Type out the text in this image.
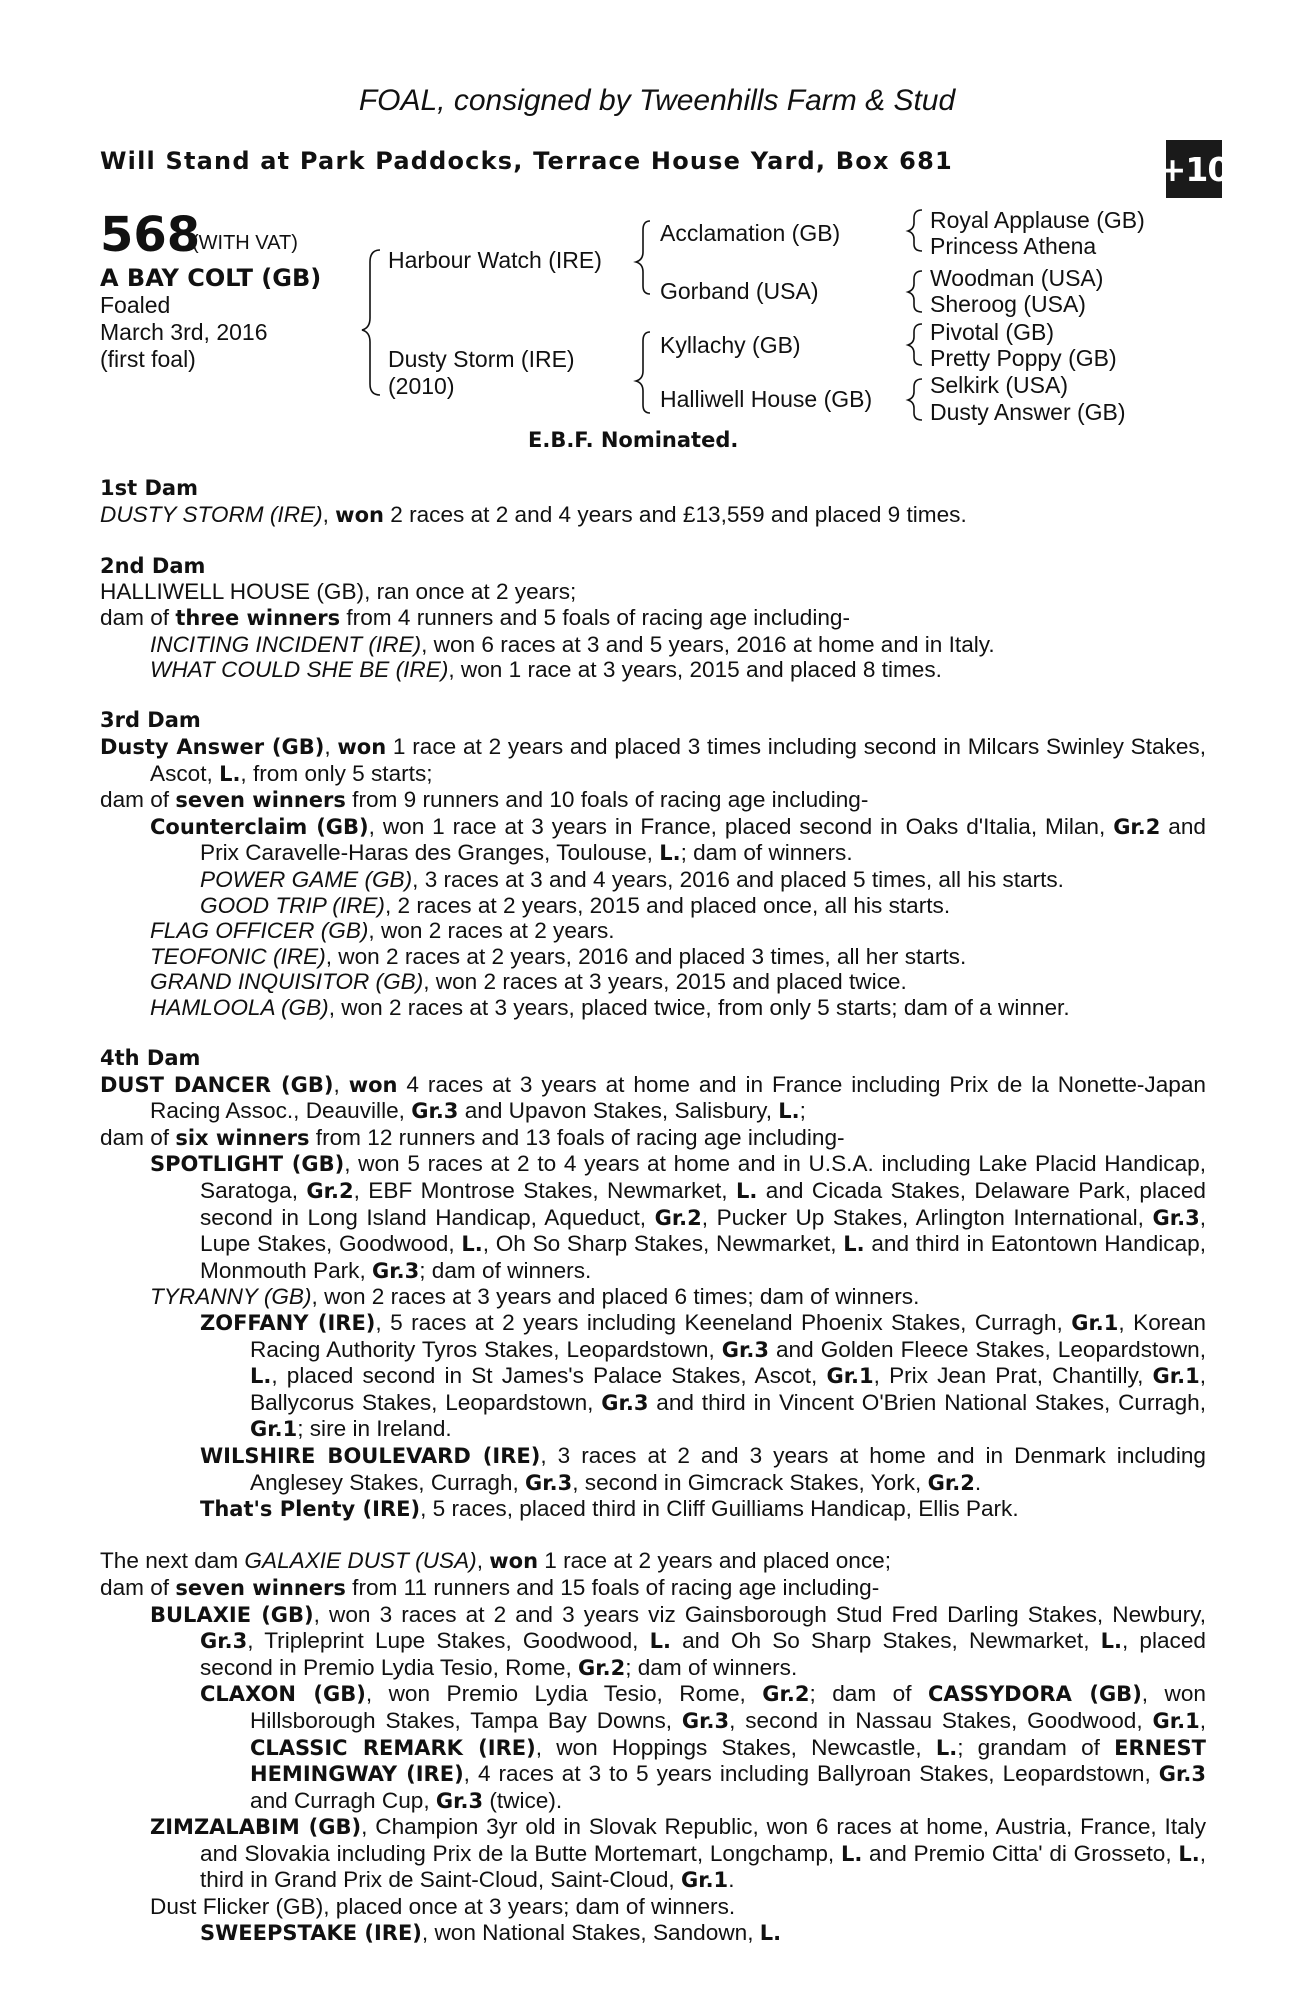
FOAL, consigned by Tweenhills Farm & Stud
Will Stand at Park Paddocks, Terrace House Yard, Box 681	+10
568
(WITH VAT)
A BAY COLT (GB)
Foaled
March 3rd, 2016
(first foal)
Harbour Watch (IRE)
Dusty Storm (IRE)
(2010)
Acclamation (GB)
Gorband (USA)
Kyllachy (GB)
Halliwell House (GB)
Royal Applause (GB)
Princess Athena
Woodman (USA)
Sheroog (USA)
Pivotal (GB)
Pretty Poppy (GB)
Selkirk (USA)
Dusty Answer (GB)
E.B.F. Nominated.

1st Dam

DUSTY STORM (IRE), won 2 races at 2 and 4 years and £13,559 and placed 9 times.

2nd Dam

HALLIWELL HOUSE (GB), ran once at 2 years;

dam of three winners from 4 runners and 5 foals of racing age including-

INCITING INCIDENT (IRE), won 6 races at 3 and 5 years, 2016 at home and in Italy.

WHAT COULD SHE BE (IRE), won 1 race at 3 years, 2015 and placed 8 times.

3rd Dam

Dusty Answer (GB), won 1 race at 2 years and placed 3 times including second in Milcars Swinley Stakes, Ascot, L., from only 5 starts;

dam of seven winners from 9 runners and 10 foals of racing age including-

Counterclaim (GB), won 1 race at 3 years in France, placed second in Oaks d'Italia, Milan, Gr.2 and Prix Caravelle-Haras des Granges, Toulouse, L.; dam of winners.

POWER GAME (GB), 3 races at 3 and 4 years, 2016 and placed 5 times, all his starts.

GOOD TRIP (IRE), 2 races at 2 years, 2015 and placed once, all his starts.

FLAG OFFICER (GB), won 2 races at 2 years.

TEOFONIC (IRE), won 2 races at 2 years, 2016 and placed 3 times, all her starts.

GRAND INQUISITOR (GB), won 2 races at 3 years, 2015 and placed twice.

HAMLOOLA (GB), won 2 races at 3 years, placed twice, from only 5 starts; dam of a winner.

4th Dam

DUST DANCER (GB), won 4 races at 3 years at home and in France including Prix de la Nonette-Japan Racing Assoc., Deauville, Gr.3 and Upavon Stakes, Salisbury, L.;

dam of six winners from 12 runners and 13 foals of racing age including-

SPOTLIGHT (GB), won 5 races at 2 to 4 years at home and in U.S.A. including Lake Placid Handicap, Saratoga, Gr.2, EBF Montrose Stakes, Newmarket, L. and Cicada Stakes, Delaware Park, placed second in Long Island Handicap, Aqueduct, Gr.2, Pucker Up Stakes, Arlington International, Gr.3, Lupe Stakes, Goodwood, L., Oh So Sharp Stakes, Newmarket, L. and third in Eatontown Handicap, Monmouth Park, Gr.3; dam of winners.

TYRANNY (GB), won 2 races at 3 years and placed 6 times; dam of winners.

ZOFFANY (IRE), 5 races at 2 years including Keeneland Phoenix Stakes, Curragh, Gr.1, Korean Racing Authority Tyros Stakes, Leopardstown, Gr.3 and Golden Fleece Stakes, Leopardstown, L., placed second in St James's Palace Stakes, Ascot, Gr.1, Prix Jean Prat, Chantilly, Gr.1, Ballycorus Stakes, Leopardstown, Gr.3 and third in Vincent O'Brien National Stakes, Curragh, Gr.1; sire in Ireland.

WILSHIRE BOULEVARD (IRE), 3 races at 2 and 3 years at home and in Denmark including Anglesey Stakes, Curragh, Gr.3, second in Gimcrack Stakes, York, Gr.2.

That's Plenty (IRE), 5 races, placed third in Cliff Guilliams Handicap, Ellis Park.

The next dam GALAXIE DUST (USA), won 1 race at 2 years and placed once;

dam of seven winners from 11 runners and 15 foals of racing age including-

BULAXIE (GB), won 3 races at 2 and 3 years viz Gainsborough Stud Fred Darling Stakes, Newbury, Gr.3, Tripleprint Lupe Stakes, Goodwood, L. and Oh So Sharp Stakes, Newmarket, L., placed second in Premio Lydia Tesio, Rome, Gr.2; dam of winners.

CLAXON (GB), won Premio Lydia Tesio, Rome, Gr.2; dam of CASSYDORA (GB), won Hillsborough Stakes, Tampa Bay Downs, Gr.3, second in Nassau Stakes, Goodwood, Gr.1, CLASSIC REMARK (IRE), won Hoppings Stakes, Newcastle, L.; grandam of ERNEST HEMINGWAY (IRE), 4 races at 3 to 5 years including Ballyroan Stakes, Leopardstown, Gr.3 and Curragh Cup, Gr.3 (twice).

ZIMZALABIM (GB), Champion 3yr old in Slovak Republic, won 6 races at home, Austria, France, Italy and Slovakia including Prix de la Butte Mortemart, Longchamp, L. and Premio Citta' di Grosseto, L., third in Grand Prix de Saint-Cloud, Saint-Cloud, Gr.1.

Dust Flicker (GB), placed once at 3 years; dam of winners.

SWEEPSTAKE (IRE), won National Stakes, Sandown, L.
